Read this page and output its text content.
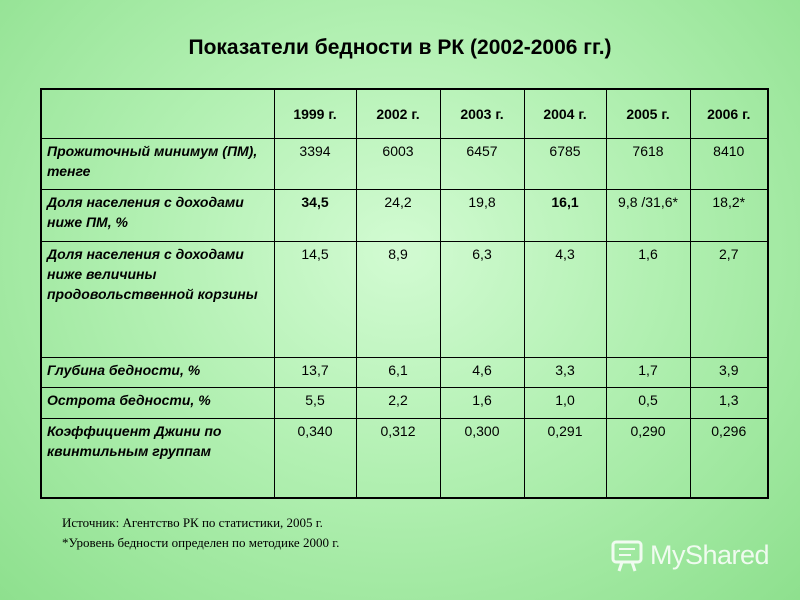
Показатели бедности в РК (2002-2006 гг.)
	1999 г.	2002 г.	2003 г.	2004 г.	2005 г.	2006 г.
Прожиточный минимум (ПМ), тенге	3394	6003	6457	6785	7618	8410
Доля населения с доходами ниже ПМ, %	34,5	24,2	19,8	16,1	9,8 /31,6*	18,2*
Доля населения с доходами ниже величины продовольственной корзины	14,5	8,9	6,3	4,3	1,6	2,7
Глубина бедности, %	13,7	6,1	4,6	3,3	1,7	3,9
Острота бедности, %	5,5	2,2	1,6	1,0	0,5	1,3
Коэффициент Джини по квинтильным группам	0,340	0,312	0,300	0,291	0,290	0,296
Источник: Агентство РК по статистики, 2005 г.
*Уровень бедности определен по методике 2000 г.	MyShared
